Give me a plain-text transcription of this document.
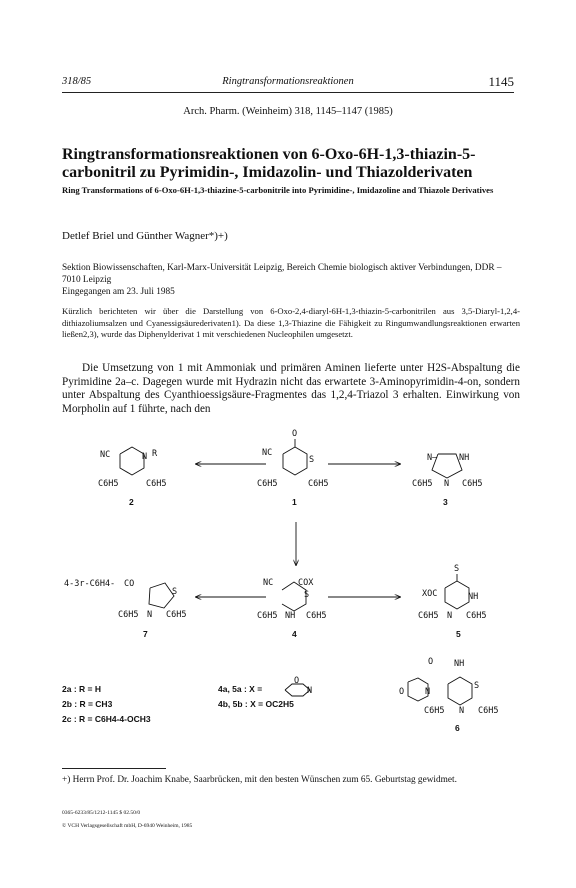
318/85	Ringtransformationsreaktionen	1145
Arch. Pharm. (Weinheim) 318, 1145–1147 (1985)
Ringtransformationsreaktionen von 6-Oxo-6H-1,3-thiazin-5-carbonitril zu Pyrimidin-, Imidazolin- und Thiazolderivaten
Ring Transformations of 6-Oxo-6H-1,3-thiazine-5-carbonitrile into Pyrimidine-, Imidazoline and Thiazole Derivatives
Detlef Briel und Günther Wagner*)+)
Sektion Biowissenschaften, Karl-Marx-Universität Leipzig, Bereich Chemie biologisch aktiver Verbindungen, DDR – 7010 Leipzig
Eingegangen am 23. Juli 1985
Kürzlich berichteten wir über die Darstellung von 6-Oxo-2,4-diaryl-6H-1,3-thiazin-5-carbonitrilen aus 3,5-Diaryl-1,2,4-dithiazoliumsalzen und Cyanessigsäurederivaten1). Da diese 1,3-Thiazine die Fähigkeit zu Ringumwandlungsreaktionen erwarten ließen2,3), wurde das Diphenylderivat 1 mit verschiedenen Nucleophilen umgesetzt.

Die Umsetzung von 1 mit Ammoniak und primären Aminen lieferte unter H2S-Abspaltung die Pyrimidine 2a–c. Dagegen wurde mit Hydrazin nicht das erwartete 3-Aminopyrimidin-4-on, sondern unter Abspaltung des Cyanthioessigsäure-Fragmentes das 1,2,4-Triazol 3 erhalten. Einwirkung von Morpholin auf 1 führte, nach den

NC	N R
C6H5	C6H5
2
O
NC
S
C6H5	C6H5
1
N–	NH
C6H5 N C6H5
3
4-3r-C6H4- CO
S
C6H5 N C6H5
7
NC	COX
S
C6H5 NH C6H5
4
S
XOC	NH
C6H5 N C6H5
5
2a : R = H
2b : R = CH3
2c : R = C6H4-4-OCH3
4a, 5a : X =
4b, 5b : X = OC2H5
O
N
O NH
O N
S
C6H5 N C6H5
6
+) Herrn Prof. Dr. Joachim Knabe, Saarbrücken, mit den besten Wünschen zum 65. Geburtstag gewidmet.
0365-6233/85/1212-1145 $ 02.50/0
© VCH Verlagsgesellschaft mbH, D-6940 Weinheim, 1985
